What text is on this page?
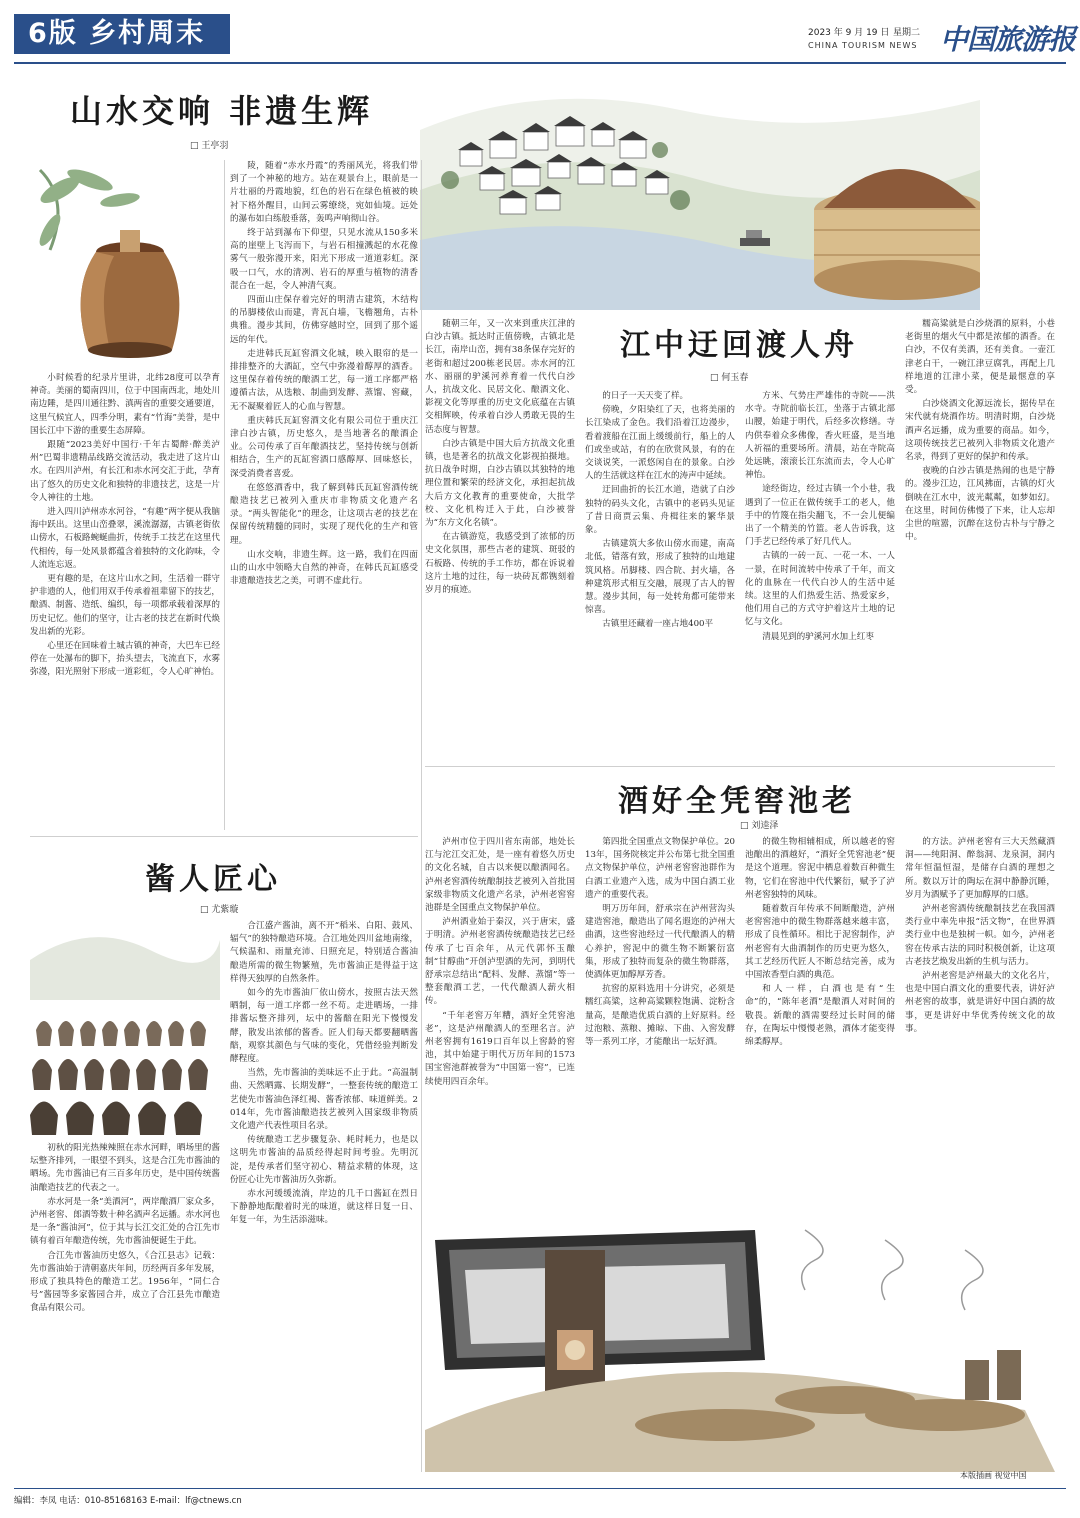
6版 乡村周末	2023 年 9 月 19 日 星期二
CHINA TOURISM NEWS 中国旅游报
山水交响 非遗生辉
□ 王亭羽

小时候看的纪录片里讲，北纬28度可以孕育神奇。美丽的蜀南四川，位于中国南西北，地处川南边陲，是四川通往黔、滇两省的重要交通要道，这里气候宜人，四季分明，素有“竹海”美誉，是中国长江中下游的重要生态屏障。

跟随“2023美好中国行·千年古蜀醉·醉美泸州”巴蜀非遗精品线路交流活动，我走进了这片山水。在四川泸州，有长江和赤水河交汇于此，孕育出了悠久的历史文化和独特的非遗技艺，这是一片令人神往的土地。

进入四川泸州赤水河谷，“有趣”两字便从我脑海中跃出。这里山峦叠翠，溪流潺潺，古镇老街依山傍水，石板路蜿蜒曲折，传统手工技艺在这里代代相传，每一处风景都蕴含着独特的文化韵味，令人流连忘返。

更有趣的是，在这片山水之间，生活着一群守护非遗的人，他们用双手传承着祖辈留下的技艺，酿酒、制酱、造纸、编织，每一项都承载着深厚的历史记忆。他们的坚守，让古老的技艺在新时代焕发出新的光彩。

心里还在回味着土城古镇的神奇，大巴车已经停在一处瀑布的脚下，抬头望去，飞流直下，水雾弥漫，阳光照射下形成一道彩虹，令人心旷神怡。

陵，随着“赤水丹霞”的秀丽风光，将我们带到了一个神秘的地方。站在观景台上，眼前是一片壮丽的丹霞地貌，红色的岩石在绿色植被的映衬下格外醒目，山间云雾缭绕，宛如仙境。远处的瀑布如白练般垂落，轰鸣声响彻山谷。

终于站到瀑布下仰望，只见水流从150多米高的崖壁上飞泻而下，与岩石相撞溅起的水花像雾气一般弥漫开来，阳光下形成一道道彩虹。深吸一口气，水的清冽、岩石的厚重与植物的清香混合在一起，令人神清气爽。

四面山庄保存着完好的明清古建筑，木结构的吊脚楼依山而建，青瓦白墙，飞檐翘角，古朴典雅。漫步其间，仿佛穿越时空，回到了那个遥远的年代。

走进韩氏瓦缸窖酒文化城，映入眼帘的是一排排整齐的大酒缸，空气中弥漫着醇厚的酒香。这里保存着传统的酿酒工艺，每一道工序都严格遵循古法，从选粮、制曲到发酵、蒸馏、窖藏，无不凝聚着匠人的心血与智慧。

重庆韩氏瓦缸窖酒文化有限公司位于重庆江津白沙古镇，历史悠久，是当地著名的酿酒企业。公司传承了百年酿酒技艺，坚持传统与创新相结合，生产的瓦缸窖酒口感醇厚、回味悠长，深受消费者喜爱。

在悠悠酒香中，我了解到韩氏瓦缸窖酒传统酿造技艺已被列入重庆市非物质文化遗产名录。“两头智能化”的理念，让这项古老的技艺在保留传统精髓的同时，实现了现代化的生产和管理。

山水交响，非遗生辉。这一路，我们在四面山的山水中领略大自然的神奇，在韩氏瓦缸感受非遗酿造技艺之美，可谓不虚此行。

江中迂回渡人舟
□ 何玉春

随朝三年，又一次来到重庆江津的白沙古镇。抵达时正值傍晚，古镇北是长江，南岸山峦，拥有38条保存完好的老街和超过200栋老民居。赤水河的江水、丽丽的驴溪河养育着一代代白沙人，抗战文化、民居文化、酿酒文化、影视文化等厚重的历史文化底蕴在古镇交相辉映，传承着白沙人勇敢无畏的生活态度与智慧。

白沙古镇是中国大后方抗战文化重镇，也是著名的抗战文化影视拍摄地。抗日战争时期，白沙古镇以其独特的地理位置和繁荣的经济文化，承担起抗战大后方文化教育的重要使命，大批学校、文化机构迁入于此，白沙被誉为“东方文化名镇”。

在古镇游览，我感受到了浓郁的历史文化氛围，那些古老的建筑、斑驳的石板路、传统的手工作坊，都在诉说着这片土地的过往，每一块砖瓦都镌刻着岁月的痕迹。

的日子一天天变了样。

傍晚，夕阳染红了天，也将美丽的长江染成了金色。我们沿着江边漫步，看着渡船在江面上缓缓前行，船上的人们或坐或站，有的在欣赏风景，有的在交谈说笑，一派悠闲自在的景象。白沙人的生活就这样在江水的涛声中延续。

迂回曲折的长江水道，造就了白沙独特的码头文化，古镇中的老码头见证了昔日商贾云集、舟楫往来的繁华景象。

古镇建筑大多依山傍水而建，南高北低，错落有致，形成了独特的山地建筑风格。吊脚楼、四合院、封火墙，各种建筑形式相互交融，展现了古人的智慧。漫步其间，每一处转角都可能带来惊喜。

古镇里还藏着一座占地400平

方米、气势庄严雄伟的寺院——洪水寺。寺院前临长江，坐落于古镇北部山腰，始建于明代，后经多次修缮。寺内供奉着众多佛像，香火旺盛，是当地人祈福的重要场所。清晨，站在寺院高处远眺，滚滚长江东流而去，令人心旷神怡。

途经街边，经过古镇一个小巷，我遇到了一位正在做传统手工的老人，他手中的竹篾在指尖翻飞，不一会儿便编出了一个精美的竹篮。老人告诉我，这门手艺已经传承了好几代人。

古镇的一砖一瓦、一花一木、一人一景，在时间流转中传承了千年，而文化的血脉在一代代白沙人的生活中延续。这里的人们热爱生活、热爱家乡，他们用自己的方式守护着这片土地的记忆与文化。

清晨见到的驴溪河水加上红枣

糯高粱就是白沙烧酒的原料，小巷老街里的烟火气中都是浓郁的酒香。在白沙，不仅有美酒，还有美食。一壶江津老白干，一碗江津豆腐乳，再配上几样地道的江津小菜，便是最惬意的享受。

白沙烧酒文化源远流长，据传早在宋代就有烧酒作坊。明清时期，白沙烧酒声名远播，成为重要的商品。如今，这项传统技艺已被列入非物质文化遗产名录，得到了更好的保护和传承。

夜晚的白沙古镇是热闹的也是宁静的。漫步江边，江风拂面，古镇的灯火倒映在江水中，波光粼粼，如梦如幻。在这里，时间仿佛慢了下来，让人忘却尘世的喧嚣，沉醉在这份古朴与宁静之中。

酱人匠心
□ 尤紫璇

初秋的阳光热辣辣照在赤水河畔，晒场里的酱坛整齐排列，一眼望不到头，这是合江先市酱油的晒场。先市酱油已有三百多年历史，是中国传统酱油酿造技艺的代表之一。

赤水河是一条“美酒河”，两岸酿酒厂家众多，泸州老窖、郎酒等数十种名酒声名远播。赤水河也是一条“酱油河”，位于其与长江交汇处的合江先市镇有着百年酿造传统，先市酱油便诞生于此。

合江先市酱油历史悠久，《合江县志》记载：先市酱油始于清朝嘉庆年间，历经两百多年发展，形成了独具特色的酿造工艺。1956年，“同仁合号”酱园等多家酱园合并，成立了合江县先市酿造食品有限公司。

合江盛产酱油，离不开“稻米、白阳、鼓风、辐气”的独特酿造环境。合江地处四川盆地南缘，气候温和、雨量充沛、日照充足，特别适合酱油酿造所需的微生物繁殖，先市酱油正是得益于这样得天独厚的自然条件。

如今的先市酱油厂依山傍水，按照古法天然晒制，每一道工序都一丝不苟。走进晒场，一排排酱坛整齐排列，坛中的酱醅在阳光下慢慢发酵，散发出浓郁的酱香。匠人们每天都要翻晒酱醅，观察其颜色与气味的变化，凭借经验判断发酵程度。

当然，先市酱油的美味远不止于此。“高温制曲、天然晒露、长期发酵”，一整套传统的酿造工艺使先市酱油色泽红褐、酱香浓郁、味道鲜美。2014年，先市酱油酿造技艺被列入国家级非物质文化遗产代表性项目名录。

传统酿造工艺步骤复杂、耗时耗力，也是以这明先市酱油的品质经得起时间考验。先明沉淀，是传承者们坚守初心、精益求精的体现，这份匠心让先市酱油历久弥新。

赤水河缓缓流淌，岸边的几千口酱缸在烈日下静静地酝酿着时光的味道，就这样日复一日、年复一年，为生活添滋味。

酒好全凭窖池老
□ 刘逵泽

泸州市位于四川省东南部，地处长江与沱江交汇处，是一座有着悠久历史的文化名城，自古以来便以酿酒闻名。泸州老窖酒传统酿制技艺被列入首批国家级非物质文化遗产名录，泸州老窖窖池群是全国重点文物保护单位。

泸州酒业始于秦汉，兴于唐宋，盛于明清。泸州老窖酒传统酿造技艺已经传承了七百余年，从元代郭怀玉酿制“甘醇曲”开创泸型酒的先河，到明代舒承宗总结出“配料、发酵、蒸馏”等一整套酿酒工艺，一代代酿酒人薪火相传。

“千年老窖万年糟，酒好全凭窖池老”，这是泸州酿酒人的至理名言。泸州老窖拥有1619口百年以上窖龄的窖池，其中始建于明代万历年间的1573国宝窖池群被誉为“中国第一窖”，已连续使用四百余年。

第四批全国重点文物保护单位。2013年，国务院核定并公布第七批全国重点文物保护单位，泸州老窖窖池群作为白酒工业遗产入选，成为中国白酒工业遗产的重要代表。

明万历年间，舒承宗在泸州营沟头建造窖池，酿造出了闻名遐迩的泸州大曲酒，这些窖池经过一代代酿酒人的精心养护，窖泥中的微生物不断繁衍富集，形成了独特而复杂的微生物群落，使酒体更加醇厚芳香。

抗窖的原料选用十分讲究，必须是糯红高粱，这种高粱颗粒饱满、淀粉含量高，是酿造优质白酒的上好原料。经过泡粮、蒸粮、摊晾、下曲、入窖发酵等一系列工序，才能酿出一坛好酒。

的微生物相辅相成，所以越老的窖池酿出的酒越好，“酒好全凭窖池老”便是这个道理。窖泥中栖息着数百种微生物，它们在窖池中代代繁衍，赋予了泸州老窖独特的风味。

随着数百年传承不间断酿造，泸州老窖窖池中的微生物群落越来越丰富，形成了良性循环。相比于泥窖制作，泸州老窖有大曲酒制作的历史更为悠久，其工艺经历代匠人不断总结完善，成为中国浓香型白酒的典范。

和人一样，白酒也是有“生命”的，“陈年老酒”是酿酒人对时间的敬畏。新酿的酒需要经过长时间的储存，在陶坛中慢慢老熟，酒体才能变得绵柔醇厚。

的方法。泸州老窖有三大天然藏酒洞——纯阳洞、醉翁洞、龙泉洞，洞内常年恒温恒湿，是储存白酒的理想之所。数以万计的陶坛在洞中静静沉睡，岁月为酒赋予了更加醇厚的口感。

泸州老窖酒传统酿制技艺在我国酒类行业中率先申报“活文物”，在世界酒类行业中也是独树一帜。如今，泸州老窖在传承古法的同时积极创新，让这项古老技艺焕发出新的生机与活力。

泸州老窖是泸州最大的文化名片，也是中国白酒文化的重要代表，讲好泸州老窖的故事，就是讲好中国白酒的故事，更是讲好中华优秀传统文化的故事。

本版插画 视觉中国
编辑：李凤 电话：010-85168163 E-mail：lf@ctnews.cn
